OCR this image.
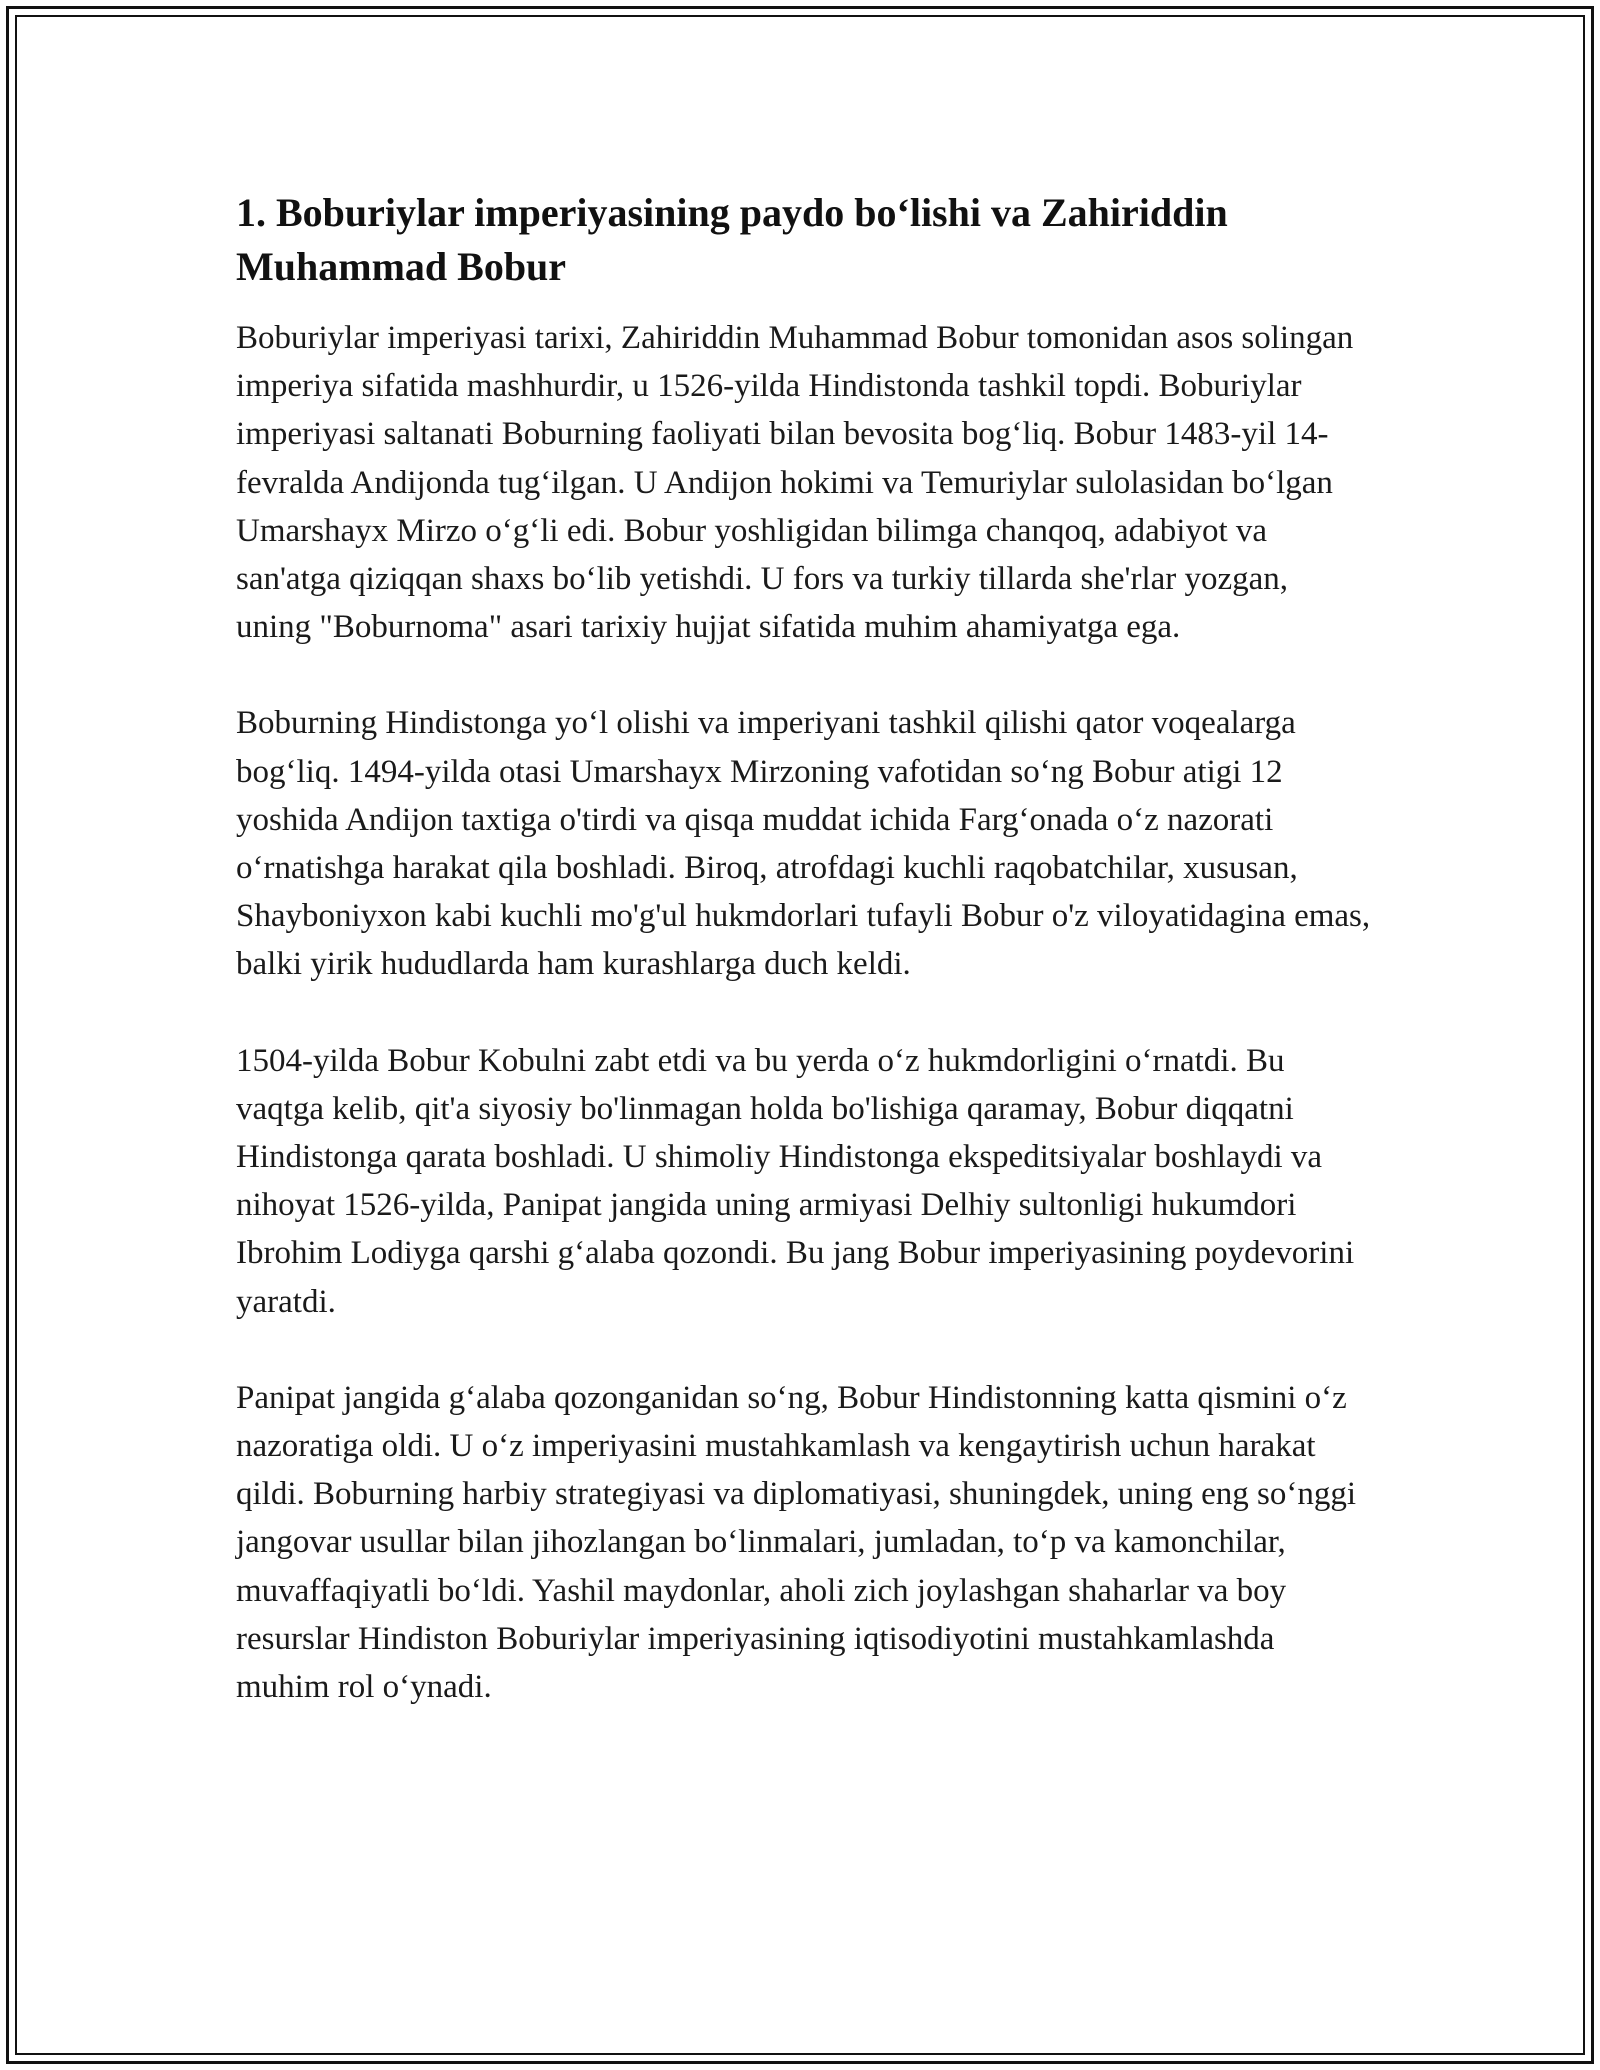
1. Boburiylar imperiyasining paydo bo‘lishi va Zahiriddin Muhammad Bobur

Boburiylar imperiyasi tarixi, Zahiriddin Muhammad Bobur tomonidan asos solingan imperiya sifatida mashhurdir, u 1526-yilda Hindistonda tashkil topdi. Boburiylar imperiyasi saltanati Boburning faoliyati bilan bevosita bog‘liq. Bobur 1483-yil 14-fevralda Andijonda tug‘ilgan. U Andijon hokimi va Temuriylar sulolasidan bo‘lgan Umarshayx Mirzo o‘g‘li edi. Bobur yoshligidan bilimga chanqoq, adabiyot va san'atga qiziqqan shaxs bo‘lib yetishdi. U fors va turkiy tillarda she'rlar yozgan, uning "Boburnoma" asari tarixiy hujjat sifatida muhim ahamiyatga ega.

Boburning Hindistonga yo‘l olishi va imperiyani tashkil qilishi qator voqealarga bog‘liq. 1494-yilda otasi Umarshayx Mirzoning vafotidan so‘ng Bobur atigi 12 yoshida Andijon taxtiga o'tirdi va qisqa muddat ichida Farg‘onada o‘z nazorati o‘rnatishga harakat qila boshladi. Biroq, atrofdagi kuchli raqobatchilar, xususan, Shayboniyxon kabi kuchli mo'g'ul hukmdorlari tufayli Bobur o'z viloyatidagina emas, balki yirik hududlarda ham kurashlarga duch keldi.

1504-yilda Bobur Kobulni zabt etdi va bu yerda o‘z hukmdorligini o‘rnatdi. Bu vaqtga kelib, qit'a siyosiy bo'linmagan holda bo'lishiga qaramay, Bobur diqqatni Hindistonga qarata boshladi. U shimoliy Hindistonga ekspeditsiyalar boshlaydi va nihoyat 1526-yilda, Panipat jangida uning armiyasi Delhiy sultonligi hukumdori Ibrohim Lodiyga qarshi g‘alaba qozondi. Bu jang Bobur imperiyasining poydevorini yaratdi.

Panipat jangida g‘alaba qozonganidan so‘ng, Bobur Hindistonning katta qismini o‘z nazoratiga oldi. U o‘z imperiyasini mustahkamlash va kengaytirish uchun harakat qildi. Boburning harbiy strategiyasi va diplomatiyasi, shuningdek, uning eng so‘nggi jangovar usullar bilan jihozlangan bo‘linmalari, jumladan, to‘p va kamonchilar, muvaffaqiyatli bo‘ldi. Yashil maydonlar, aholi zich joylashgan shaharlar va boy resurslar Hindiston Boburiylar imperiyasining iqtisodiyotini mustahkamlashda muhim rol o‘ynadi.
